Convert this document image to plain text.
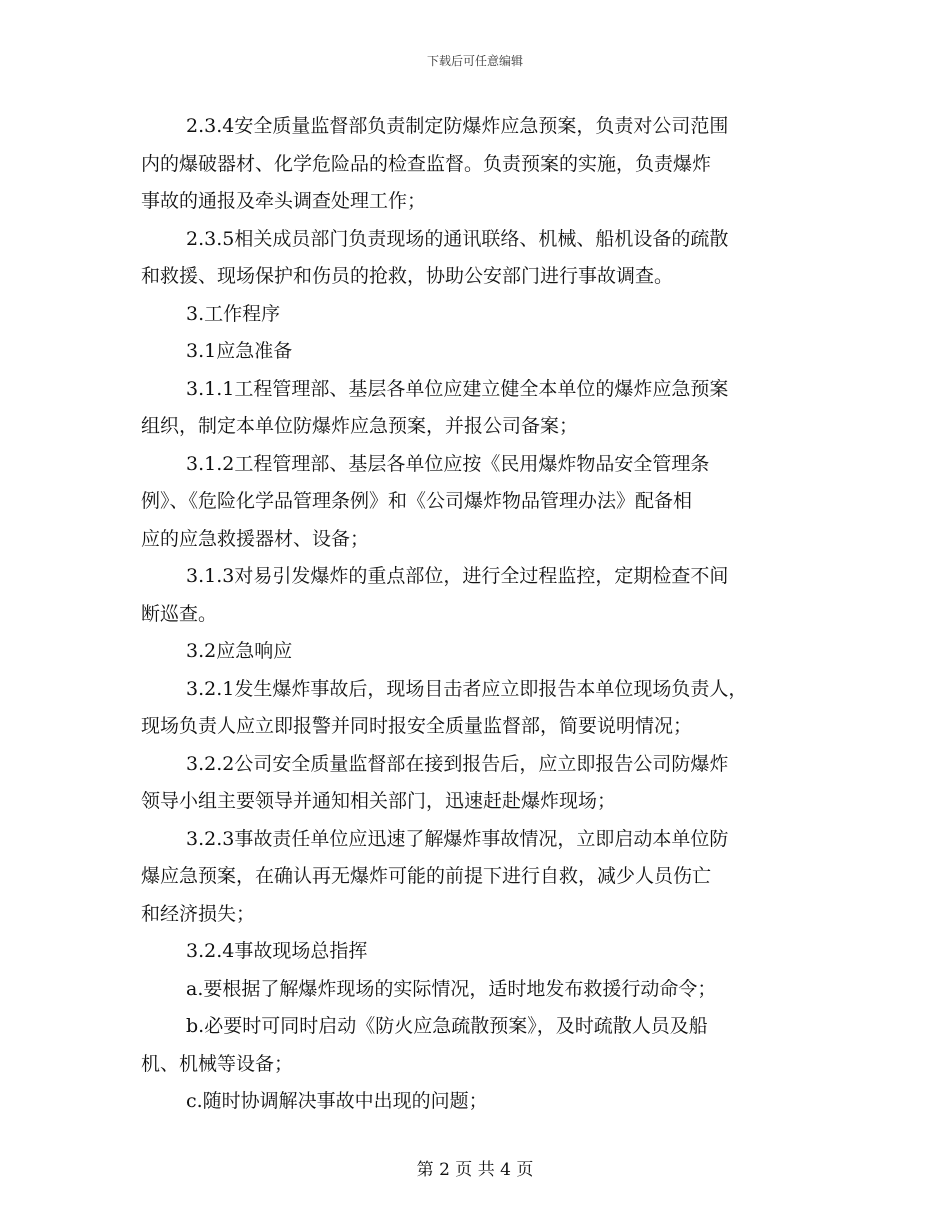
下载后可任意编辑
2.3.4安全质量监督部负责制定防爆炸应急预案，负责对公司范围
内的爆破器材、化学危险品的检查监督。负责预案的实施，负责爆炸
事故的通报及牵头调查处理工作；
2.3.5相关成员部门负责现场的通讯联络、机械、船机设备的疏散
和救援、现场保护和伤员的抢救，协助公安部门进行事故调查。
3.工作程序
3.1应急准备
3.1.1工程管理部、基层各单位应建立健全本单位的爆炸应急预案
组织，制定本单位防爆炸应急预案，并报公司备案；
3.1.2工程管理部、基层各单位应按《民用爆炸物品安全管理条
例》、《危险化学品管理条例》和《公司爆炸物品管理办法》配备相
应的应急救援器材、设备；
3.1.3对易引发爆炸的重点部位，进行全过程监控，定期检查不间
断巡查。
3.2应急响应
3.2.1发生爆炸事故后，现场目击者应立即报告本单位现场负责人，
现场负责人应立即报警并同时报安全质量监督部，简要说明情况；
3.2.2公司安全质量监督部在接到报告后，应立即报告公司防爆炸
领导小组主要领导并通知相关部门，迅速赶赴爆炸现场；
3.2.3事故责任单位应迅速了解爆炸事故情况，立即启动本单位防
爆应急预案，在确认再无爆炸可能的前提下进行自救，减少人员伤亡
和经济损失；
3.2.4事故现场总指挥
a.要根据了解爆炸现场的实际情况，适时地发布救援行动命令；
b.必要时可同时启动《防火应急疏散预案》，及时疏散人员及船
机、机械等设备；
c.随时协调解决事故中出现的问题；
第 2 页 共 4 页
